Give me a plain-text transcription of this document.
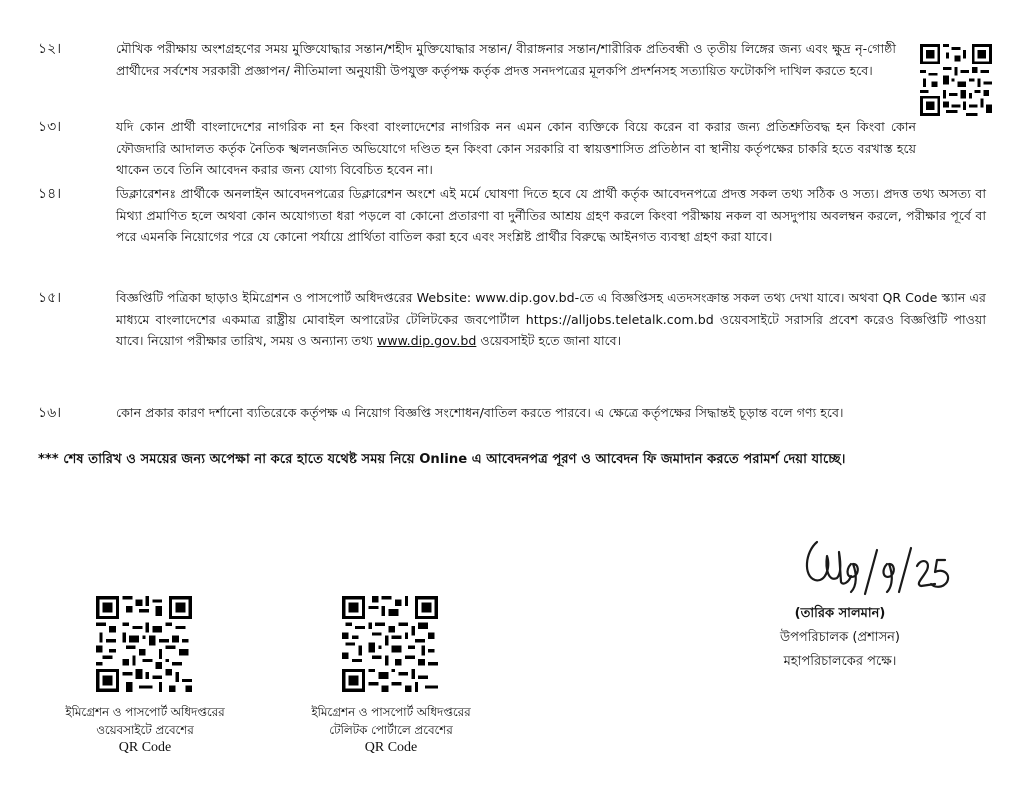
১২।	মৌখিক পরীক্ষায় অংশগ্রহণের সময় মুক্তিযোদ্ধার সন্তান/শহীদ মুক্তিযোদ্ধার সন্তান/ বীরাঙ্গনার সন্তান/শারীরিক প্রতিবন্ধী ও তৃতীয় লিঙ্গের জন্য এবং ক্ষুদ্র নৃ-গোষ্ঠী প্রার্থীদের সর্বশেষ সরকারী প্রজ্ঞাপন/ নীতিমালা অনুযায়ী উপযুক্ত কর্তৃপক্ষ কর্তৃক প্রদত্ত সনদপত্রের মূলকপি প্রদর্শনসহ সত্যায়িত ফটোকপি দাখিল করতে হবে।
১৩।	যদি কোন প্রার্থী বাংলাদেশের নাগরিক না হন কিংবা বাংলাদেশের নাগরিক নন এমন কোন ব্যক্তিকে বিয়ে করেন বা করার জন্য প্রতিশ্রুতিবদ্ধ হন কিংবা কোন ফৌজদারি আদালত কর্তৃক নৈতিক স্খলনজনিত অভিযোগে দণ্ডিত হন কিংবা কোন সরকারি বা স্বায়ত্তশাসিত প্রতিষ্ঠান বা স্থানীয় কর্তৃপক্ষের চাকরি হতে বরখাস্ত হয়ে থাকেন তবে তিনি আবেদন করার জন্য যোগ্য বিবেচিত হবেন না।
১৪।	ডিক্লারেশনঃ প্রার্থীকে অনলাইন আবেদনপত্রের ডিক্লারেশন অংশে এই মর্মে ঘোষণা দিতে হবে যে প্রার্থী কর্তৃক আবেদনপত্রে প্রদত্ত সকল তথ্য সঠিক ও সত্য। প্রদত্ত তথ্য অসত্য বা মিথ্যা প্রমাণিত হলে অথবা কোন অযোগ্যতা ধরা পড়লে বা কোনো প্রতারণা বা দুর্নীতির আশ্রয় গ্রহণ করলে কিংবা পরীক্ষায় নকল বা অসদুপায় অবলম্বন করলে, পরীক্ষার পূর্বে বা পরে এমনকি নিয়োগের পরে যে কোনো পর্যায়ে প্রার্থিতা বাতিল করা হবে এবং সংশ্লিষ্ট প্রার্থীর বিরুদ্ধে আইনগত ব্যবস্থা গ্রহণ করা যাবে।
১৫।	বিজ্ঞপ্তিটি পত্রিকা ছাড়াও ইমিগ্রেশন ও পাসপোর্ট অধিদপ্তরের Website: www.dip.gov.bd-তে এ বিজ্ঞপ্তিসহ এতদসংক্রান্ত সকল তথ্য দেখা যাবে। অথবা QR Code স্ক্যান এর মাধ্যমে বাংলাদেশের একমাত্র রাষ্ট্রীয় মোবাইল অপারেটর টেলিটকের জবপোর্টাল https://alljobs.teletalk.com.bd ওয়েবসাইটে সরাসরি প্রবেশ করেও বিজ্ঞপ্তিটি পাওয়া যাবে। নিয়োগ পরীক্ষার তারিখ, সময় ও অন্যান্য তথ্য www.dip.gov.bd ওয়েবসাইট হতে জানা যাবে।
১৬।	কোন প্রকার কারণ দর্শানো ব্যতিরেকে কর্তৃপক্ষ এ নিয়োগ বিজ্ঞপ্তি সংশোধন/বাতিল করতে পারবে। এ ক্ষেত্রে কর্তৃপক্ষের সিদ্ধান্তই চূড়ান্ত বলে গণ্য হবে।
*** শেষ তারিখ ও সময়ের জন্য অপেক্ষা না করে হাতে যথেষ্ট সময় নিয়ে Online এ আবেদনপত্র পূরণ ও আবেদন ফি জমাদান করতে পরামর্শ দেয়া যাচ্ছে।
ইমিগ্রেশন ও পাসপোর্ট অধিদপ্তরের
ওয়েবসাইটে প্রবেশের
QR Code
ইমিগ্রেশন ও পাসপোর্ট অধিদপ্তরের
টেলিটক পোর্টালে প্রবেশের
QR Code
(তারিক সালমান)
উপপরিচালক (প্রশাসন)
মহাপরিচালকের পক্ষে।
